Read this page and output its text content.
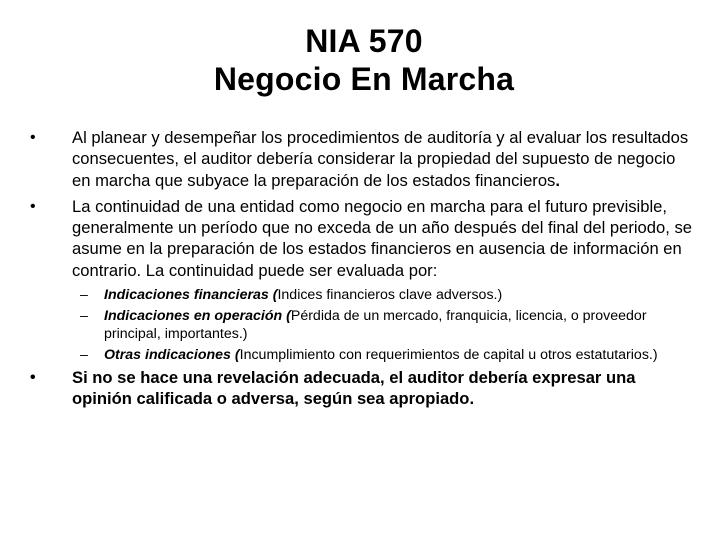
NIA 570
Negocio En Marcha
•	Al planear y desempeñar los procedimientos de auditoría y al evaluar los resultados consecuentes, el auditor debería considerar la propiedad del supuesto de negocio en marcha que subyace la preparación de los estados financieros.
•	La continuidad de una entidad como negocio en marcha para el futuro previsible, generalmente un período que no exceda de un año después del final del periodo, se asume en la preparación de los estados financieros en ausencia de información en contrario. La continuidad puede ser evaluada por:
–	Indicaciones financieras (Indices financieros clave adversos.)
–	Indicaciones en operación (Pérdida de un mercado, franquicia, licencia, o proveedor principal, importantes.)
–	Otras indicaciones (Incumplimiento con requerimientos de capital u otros estatutarios.)
•	Si no se hace una revelación adecuada, el auditor debería expresar una opinión calificada o adversa, según sea apropiado.
